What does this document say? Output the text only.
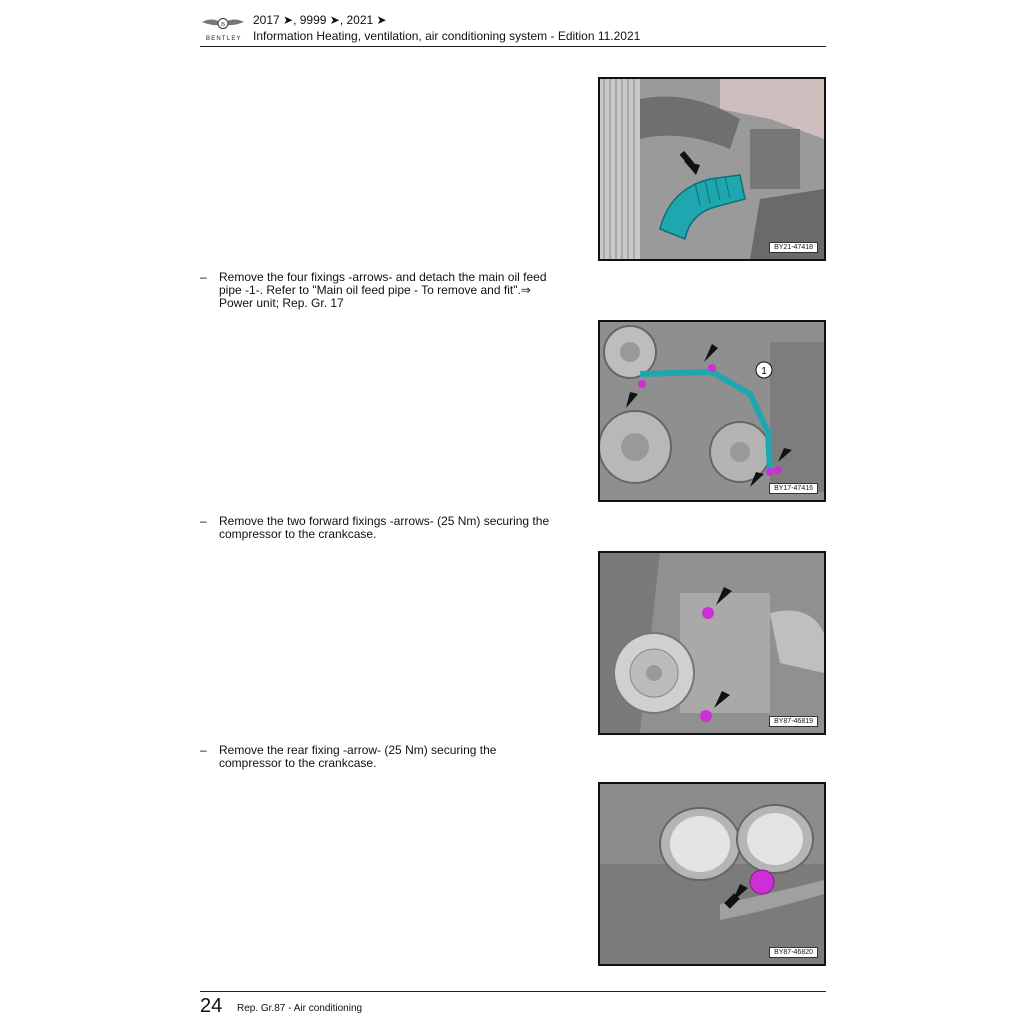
B
BENTLEY
2017 ➤, 9999 ➤, 2021 ➤
Information Heating, ventilation, air conditioning system - Edition 11.2021
BY21-47418
– Remove the four fixings -arrows- and detach the main oil feed pipe -1-. Refer to "Main oil feed pipe - To remove and fit".⇒ Power unit; Rep. Gr. 17
1
BY17-47416
– Remove the two forward fixings -arrows- (25 Nm) securing the compressor to the crankcase.
BY87-46819
– Remove the rear fixing -arrow- (25 Nm) securing the compressor to the crankcase.
BY87-46820
24 Rep. Gr.87 - Air conditioning
